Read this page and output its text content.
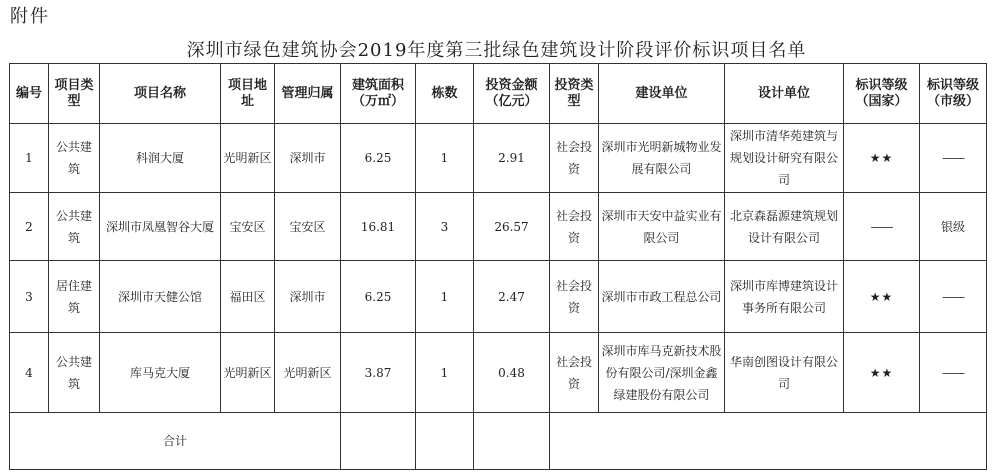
附件
深圳市绿色建筑协会2019年度第三批绿色建筑设计阶段评价标识项目名单
编号	项目类型	项目名称	项目地址	管理归属	建筑面积（万㎡）	栋数	投资金额（亿元）	投资类型	建设单位	设计单位	标识等级（国家）	标识等级（市级）
1	公共建筑	科润大厦	光明新区	深圳市	6.25	1	2.91	社会投资	深圳市光明新城物业发展有限公司	深圳市清华苑建筑与规划设计研究有限公司	★★	——
2	公共建筑	深圳市凤凰智谷大厦	宝安区	宝安区	16.81	3	26.57	社会投资	深圳市天安中益实业有限公司	北京森磊源建筑规划设计有限公司	——	银级
3	居住建筑	深圳市天健公馆	福田区	深圳市	6.25	1	2.47	社会投资	深圳市市政工程总公司	深圳市库博建筑设计事务所有限公司	★★	——
4	公共建筑	库马克大厦	光明新区	光明新区	3.87	1	0.48	社会投资	深圳市库马克新技术股份有限公司/深圳金鑫绿建股份有限公司	华南创图设计有限公司	★★	——
合计												
